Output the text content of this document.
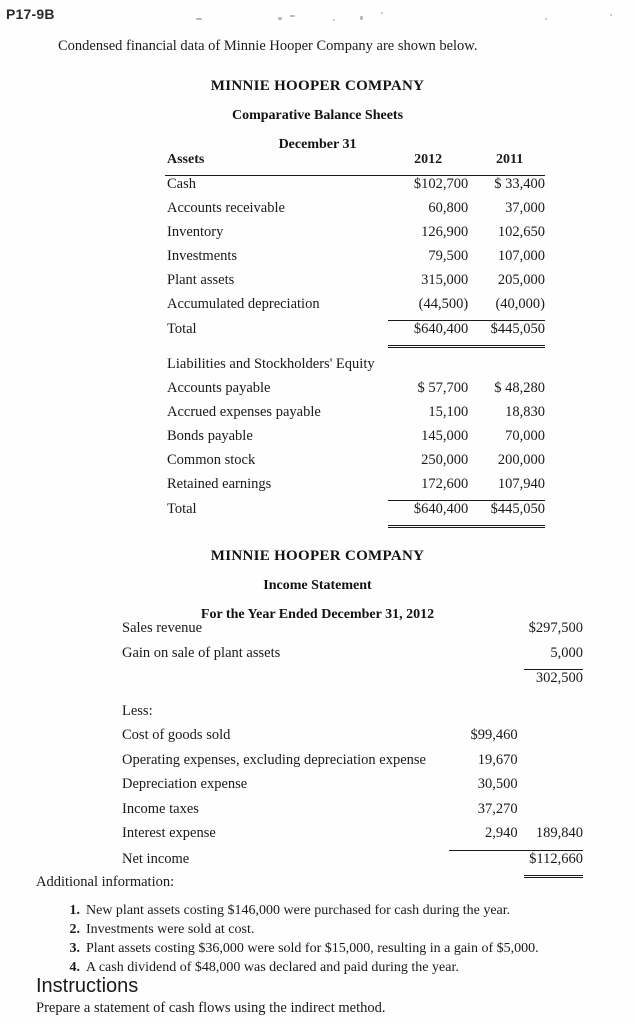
P17-9B
Condensed financial data of Minnie Hooper Company are shown below.
MINNIE HOOPER COMPANY
Comparative Balance Sheets
December 31
Assets	2012	2011
Cash	$102,700	$ 33,400
Accounts receivable	60,800	37,000
Inventory	126,900	102,650
Investments	79,500	107,000
Plant assets	315,000	205,000
Accumulated depreciation	(44,500)	(40,000)
Total	$640,400	$445,050
Liabilities and Stockholders' Equity		
Accounts payable	$ 57,700	$ 48,280
Accrued expenses payable	15,100	18,830
Bonds payable	145,000	70,000
Common stock	250,000	200,000
Retained earnings	172,600	107,940
Total	$640,400	$445,050
MINNIE HOOPER COMPANY
Income Statement
For the Year Ended December 31, 2012
Sales revenue		$297,500
Gain on sale of plant assets		5,000
		302,500
Less:		
Cost of goods sold	$99,460	
Operating expenses, excluding depreciation expense	19,670	
Depreciation expense	30,500	
Income taxes	37,270	
Interest expense	2,940	189,840
Net income		$112,660
Additional information:
1. New plant assets costing $146,000 were purchased for cash during the year.
2. Investments were sold at cost.
3. Plant assets costing $36,000 were sold for $15,000, resulting in a gain of $5,000.
4. A cash dividend of $48,000 was declared and paid during the year.
Instructions
Prepare a statement of cash flows using the indirect method.
